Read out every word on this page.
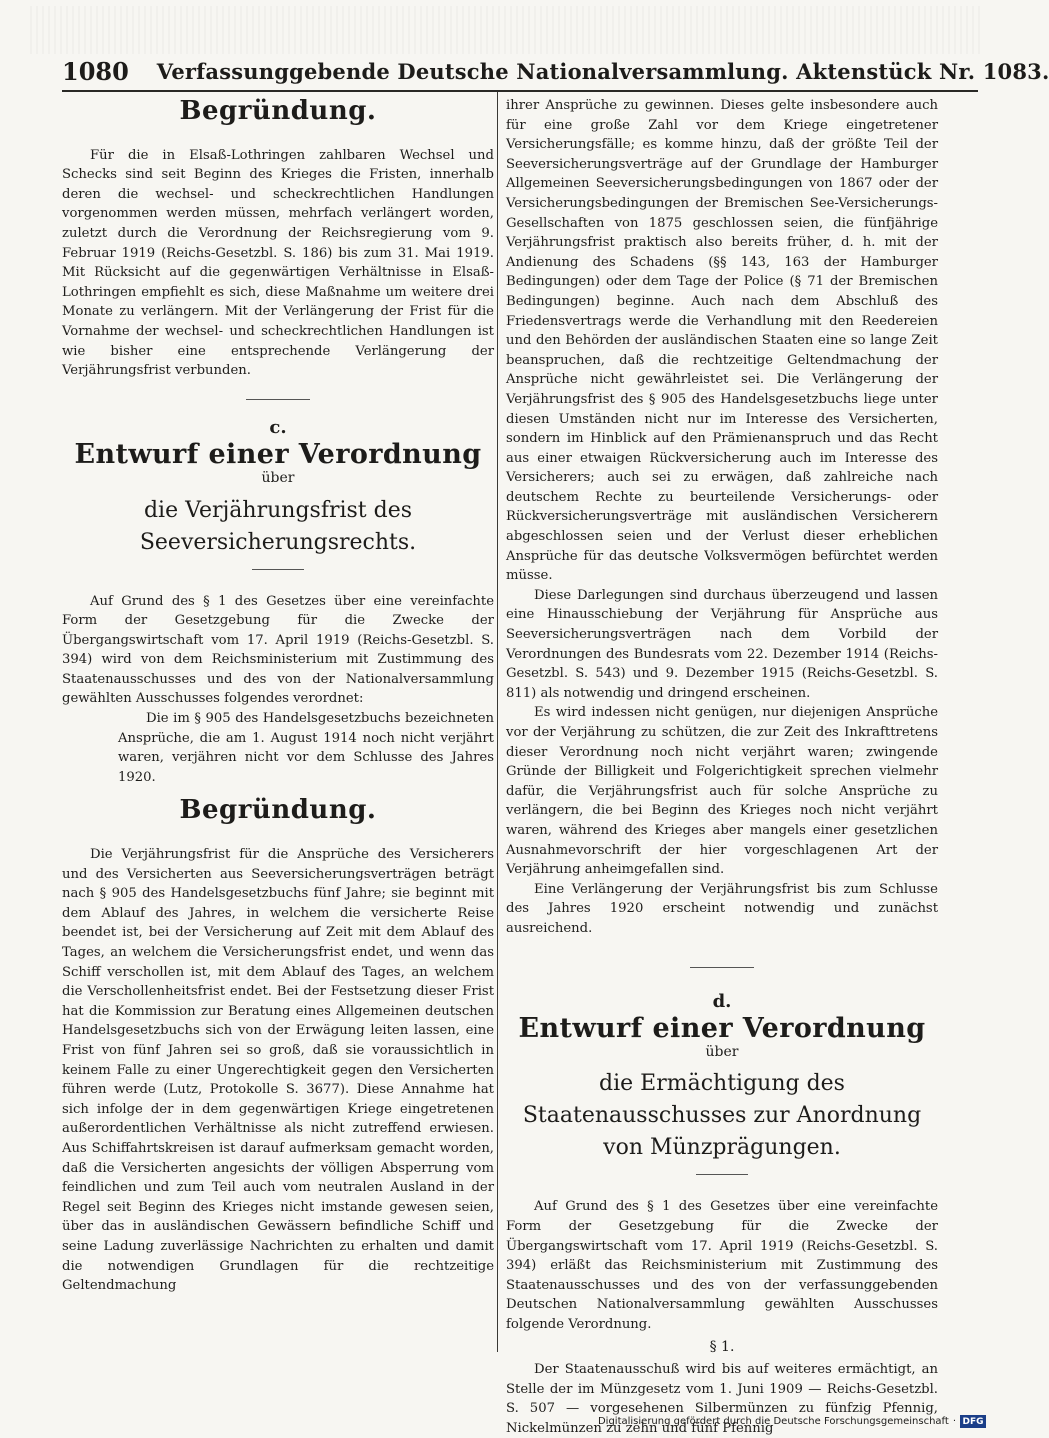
1080 Verfassunggebende Deutsche Nationalversammlung. Aktenstück Nr. 1083.
Begründung.

Für die in Elsaß-Lothringen zahlbaren Wechsel und Schecks sind seit Beginn des Krieges die Fristen, innerhalb deren die wechsel- und scheckrechtlichen Handlungen vorgenommen werden müssen, mehrfach verlängert worden, zuletzt durch die Verordnung der Reichsregierung vom 9. Februar 1919 (Reichs-Gesetzbl. S. 186) bis zum 31. Mai 1919. Mit Rücksicht auf die gegenwärtigen Verhältnisse in Elsaß-Lothringen empfiehlt es sich, diese Maßnahme um weitere drei Monate zu verlängern. Mit der Verlängerung der Frist für die Vornahme der wechsel- und scheckrechtlichen Handlungen ist wie bisher eine entsprechende Verlängerung der Verjährungsfrist verbunden.

c.
Entwurf einer Verordnung
über
die Verjährungsfrist des Seeversicherungsrechts.

Auf Grund des § 1 des Gesetzes über eine vereinfachte Form der Gesetzgebung für die Zwecke der Übergangswirtschaft vom 17. April 1919 (Reichs-Gesetzbl. S. 394) wird von dem Reichsministerium mit Zustimmung des Staatenausschusses und des von der Nationalversammlung gewählten Ausschusses folgendes verordnet:

Die im § 905 des Handelsgesetzbuchs bezeichneten Ansprüche, die am 1. August 1914 noch nicht verjährt waren, verjähren nicht vor dem Schlusse des Jahres 1920.

Begründung.

Die Verjährungsfrist für die Ansprüche des Versicherers und des Versicherten aus Seeversicherungsverträgen beträgt nach § 905 des Handelsgesetzbuchs fünf Jahre; sie beginnt mit dem Ablauf des Jahres, in welchem die versicherte Reise beendet ist, bei der Versicherung auf Zeit mit dem Ablauf des Tages, an welchem die Versicherungsfrist endet, und wenn das Schiff verschollen ist, mit dem Ablauf des Tages, an welchem die Verschollenheitsfrist endet. Bei der Festsetzung dieser Frist hat die Kommission zur Beratung eines Allgemeinen deutschen Handelsgesetzbuchs sich von der Erwägung leiten lassen, eine Frist von fünf Jahren sei so groß, daß sie voraussichtlich in keinem Falle zu einer Ungerechtigkeit gegen den Versicherten führen werde (Lutz, Protokolle S. 3677). Diese Annahme hat sich infolge der in dem gegenwärtigen Kriege eingetretenen außerordentlichen Verhältnisse als nicht zutreffend erwiesen. Aus Schiffahrtskreisen ist darauf aufmerksam gemacht worden, daß die Versicherten angesichts der völligen Absperrung vom feindlichen und zum Teil auch vom neutralen Ausland in der Regel seit Beginn des Krieges nicht imstande gewesen seien, über das in ausländischen Gewässern befindliche Schiff und seine Ladung zuverlässige Nachrichten zu erhalten und damit die notwendigen Grundlagen für die rechtzeitige Geltendmachung

ihrer Ansprüche zu gewinnen. Dieses gelte insbesondere auch für eine große Zahl vor dem Kriege eingetretener Versicherungsfälle; es komme hinzu, daß der größte Teil der Seeversicherungsverträge auf der Grundlage der Hamburger Allgemeinen Seeversicherungsbedingungen von 1867 oder der Versicherungsbedingungen der Bremischen See-Versicherungs-Gesellschaften von 1875 geschlossen seien, die fünfjährige Verjährungsfrist praktisch also bereits früher, d. h. mit der Andienung des Schadens (§§ 143, 163 der Hamburger Bedingungen) oder dem Tage der Police (§ 71 der Bremischen Bedingungen) beginne. Auch nach dem Abschluß des Friedensvertrags werde die Verhandlung mit den Reedereien und den Behörden der ausländischen Staaten eine so lange Zeit beanspruchen, daß die rechtzeitige Geltendmachung der Ansprüche nicht gewährleistet sei. Die Verlängerung der Verjährungsfrist des § 905 des Handelsgesetzbuchs liege unter diesen Umständen nicht nur im Interesse des Versicherten, sondern im Hinblick auf den Prämienanspruch und das Recht aus einer etwaigen Rückversicherung auch im Interesse des Versicherers; auch sei zu erwägen, daß zahlreiche nach deutschem Rechte zu beurteilende Versicherungs- oder Rückversicherungsverträge mit ausländischen Versicherern abgeschlossen seien und der Verlust dieser erheblichen Ansprüche für das deutsche Volksvermögen befürchtet werden müsse.

Diese Darlegungen sind durchaus überzeugend und lassen eine Hinausschiebung der Verjährung für Ansprüche aus Seeversicherungsverträgen nach dem Vorbild der Verordnungen des Bundesrats vom 22. Dezember 1914 (Reichs-Gesetzbl. S. 543) und 9. Dezember 1915 (Reichs-Gesetzbl. S. 811) als notwendig und dringend erscheinen.

Es wird indessen nicht genügen, nur diejenigen Ansprüche vor der Verjährung zu schützen, die zur Zeit des Inkrafttretens dieser Verordnung noch nicht verjährt waren; zwingende Gründe der Billigkeit und Folgerichtigkeit sprechen vielmehr dafür, die Verjährungsfrist auch für solche Ansprüche zu verlängern, die bei Beginn des Krieges noch nicht verjährt waren, während des Krieges aber mangels einer gesetzlichen Ausnahmevorschrift der hier vorgeschlagenen Art der Verjährung anheimgefallen sind.

Eine Verlängerung der Verjährungsfrist bis zum Schlusse des Jahres 1920 erscheint notwendig und zunächst ausreichend.

d.
Entwurf einer Verordnung
über
die Ermächtigung des Staatenausschusses zur Anordnung von Münzprägungen.

Auf Grund des § 1 des Gesetzes über eine vereinfachte Form der Gesetzgebung für die Zwecke der Übergangswirtschaft vom 17. April 1919 (Reichs-Gesetzbl. S. 394) erläßt das Reichsministerium mit Zustimmung des Staatenausschusses und des von der verfassunggebenden Deutschen Nationalversammlung gewählten Ausschusses folgende Verordnung.

§ 1.

Der Staatenausschuß wird bis auf weiteres ermächtigt, an Stelle der im Münzgesetz vom 1. Juni 1909 — Reichs-Gesetzbl. S. 507 — vorgesehenen Silbermünzen zu fünfzig Pfennig, Nickelmünzen zu zehn und fünf Pfennig

Digitalisierung gefördert durch die Deutsche Forschungsgemeinschaft · DFG
